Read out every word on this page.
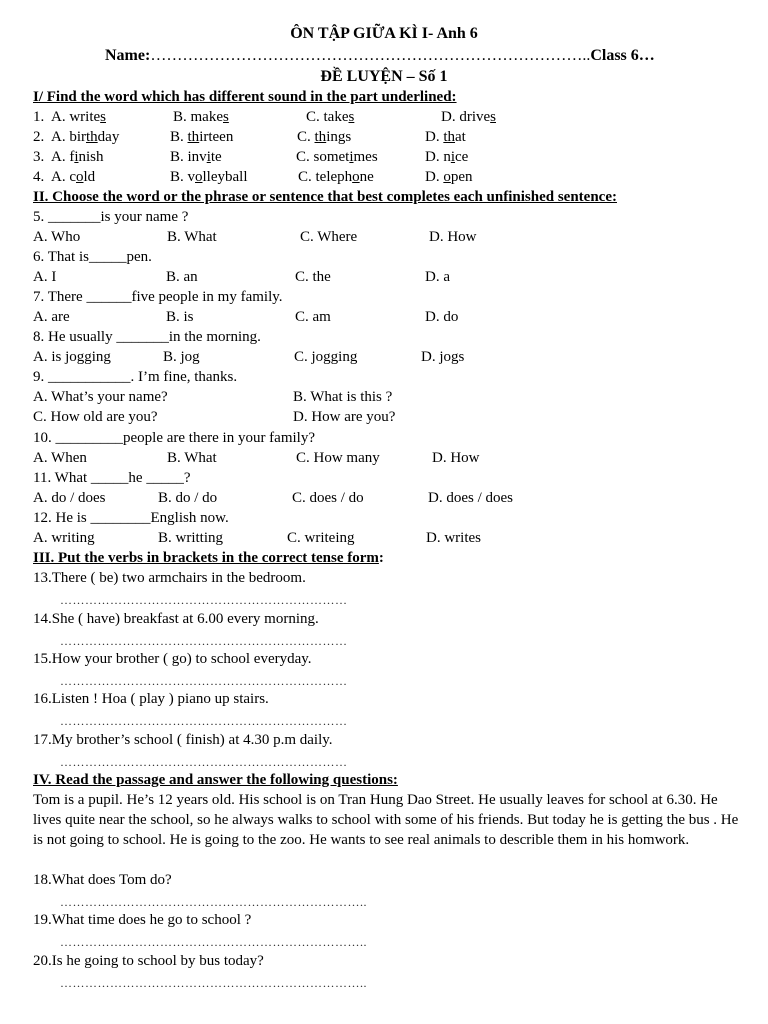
ÔN TẬP GIỮA KÌ I- Anh 6
Name:………………………………………………………………………..Class 6…
ĐỀ LUYỆN – Số 1
I/ Find the word which has different sound in the part underlined:
1. A. writes	B. makes	C. takes	D. drives
2. A. birthday	B. thirteen	C. things	D. that
3. A. finish	B. invite	C. sometimes	D. nice
4. A. cold	B. volleyball	C. telephone	D. open
II. Choose the word or the phrase or sentence that best completes each unfinished sentence:
5. _______is your name ?
A. Who	B. What	C. Where	D. How
6. That is_____pen.
A. I	B. an	C. the	D. a
7. There ______five people in my family.
A. are	B. is	C. am	D. do
8. He usually _______in the morning.
A. is jogging	B. jog	C. jogging	D. jogs
9. ___________. I’m fine, thanks.
A. What’s your name?	B. What is this ?
C. How old are you?	D. How are you?
10. _________people are there in your family?
A. When	B. What	C. How many	D. How
11. What _____he _____?
A. do / does	B. do / do	C. does / do	D. does / does
12. He is ________English now.
A. writing	B. writting	C. writeing	D. writes
III. Put the verbs in brackets in the correct tense form:
13.There ( be) two armchairs in the bedroom.
……………………………………………………………
14.She ( have) breakfast at 6.00 every morning.
……………………………………………………………
15.How your brother ( go) to school everyday.
……………………………………………………………
16.Listen ! Hoa ( play ) piano up stairs.
……………………………………………………………
17.My brother’s school ( finish) at 4.30 p.m daily.
……………………………………………………………
IV. Read the passage and answer the following questions:
Tom is a pupil. He’s 12 years old. His school is on Tran Hung Dao Street. He usually leaves for school at 6.30. He lives quite near the school, so he always walks to school with some of his friends. But today he is getting the bus . He is not going to school. He is going to the zoo. He wants to see real animals to describle them in his homwork.
18.What does Tom do?
………………………………………………………………..
19.What time does he go to school ?
………………………………………………………………..
20.Is he going to school by bus today?
………………………………………………………………..
